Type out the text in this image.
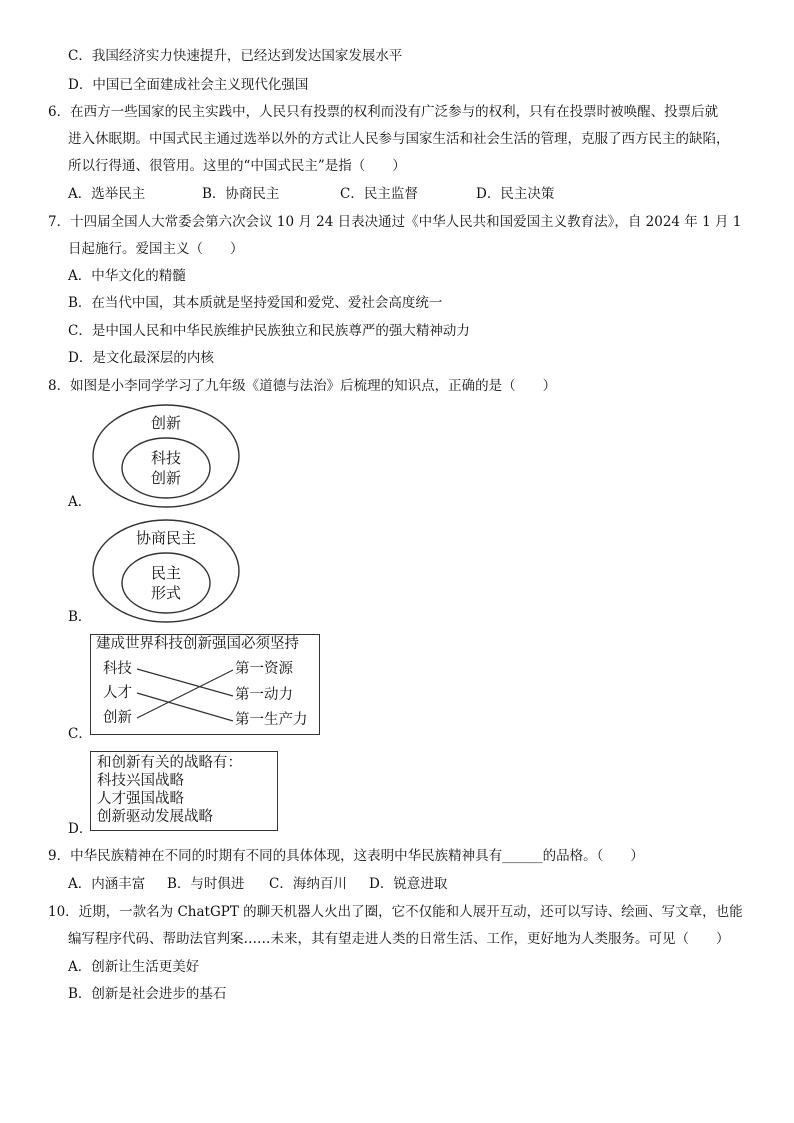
C．我国经济实力快速提升，已经达到发达国家发展水平
D．中国已全面建成社会主义现代化强国
6．在西方一些国家的民主实践中，人民只有投票的权利而没有广泛参与的权利，只有在投票时被唤醒、投票后就
进入休眠期。中国式民主通过选举以外的方式让人民参与国家生活和社会生活的管理，克服了西方民主的缺陷，
所以行得通、很管用。这里的“中国式民主”是指（　　）
A．选举民主	B．协商民主	C．民主监督	D．民主决策
7．十四届全国人大常委会第六次会议 10 月 24 日表决通过《中华人民共和国爱国主义教育法》，自 2024 年 1 月 1
日起施行。爱国主义（　　）
A．中华文化的精髓
B．在当代中国，其本质就是坚持爱国和爱党、爱社会高度统一
C．是中国人民和中华民族维护民族独立和民族尊严的强大精神动力
D．是文化最深层的内核
8．如图是小李同学学习了九年级《道德与法治》后梳理的知识点，正确的是（　　）
创新
科技
创新
A．
协商民主
民主
形式
B．
建成世界科技创新强国必须坚持
科技
人才
创新
第一资源
第一动力
第一生产力
C．
和创新有关的战略有：
科技兴国战略
人才强国战略
创新驱动发展战略
D．
9．中华民族精神在不同的时期有不同的具体体现，这表明中华民族精神具有______的品格。（　　）
A．内涵丰富 B．与时俱进 C．海纳百川 D．锐意进取
10．近期，一款名为 ChatGPT 的聊天机器人火出了圈，它不仅能和人展开互动，还可以写诗、绘画、写文章，也能
编写程序代码、帮助法官判案……未来，其有望走进人类的日常生活、工作，更好地为人类服务。可见（　　）
A．创新让生活更美好
B．创新是社会进步的基石
